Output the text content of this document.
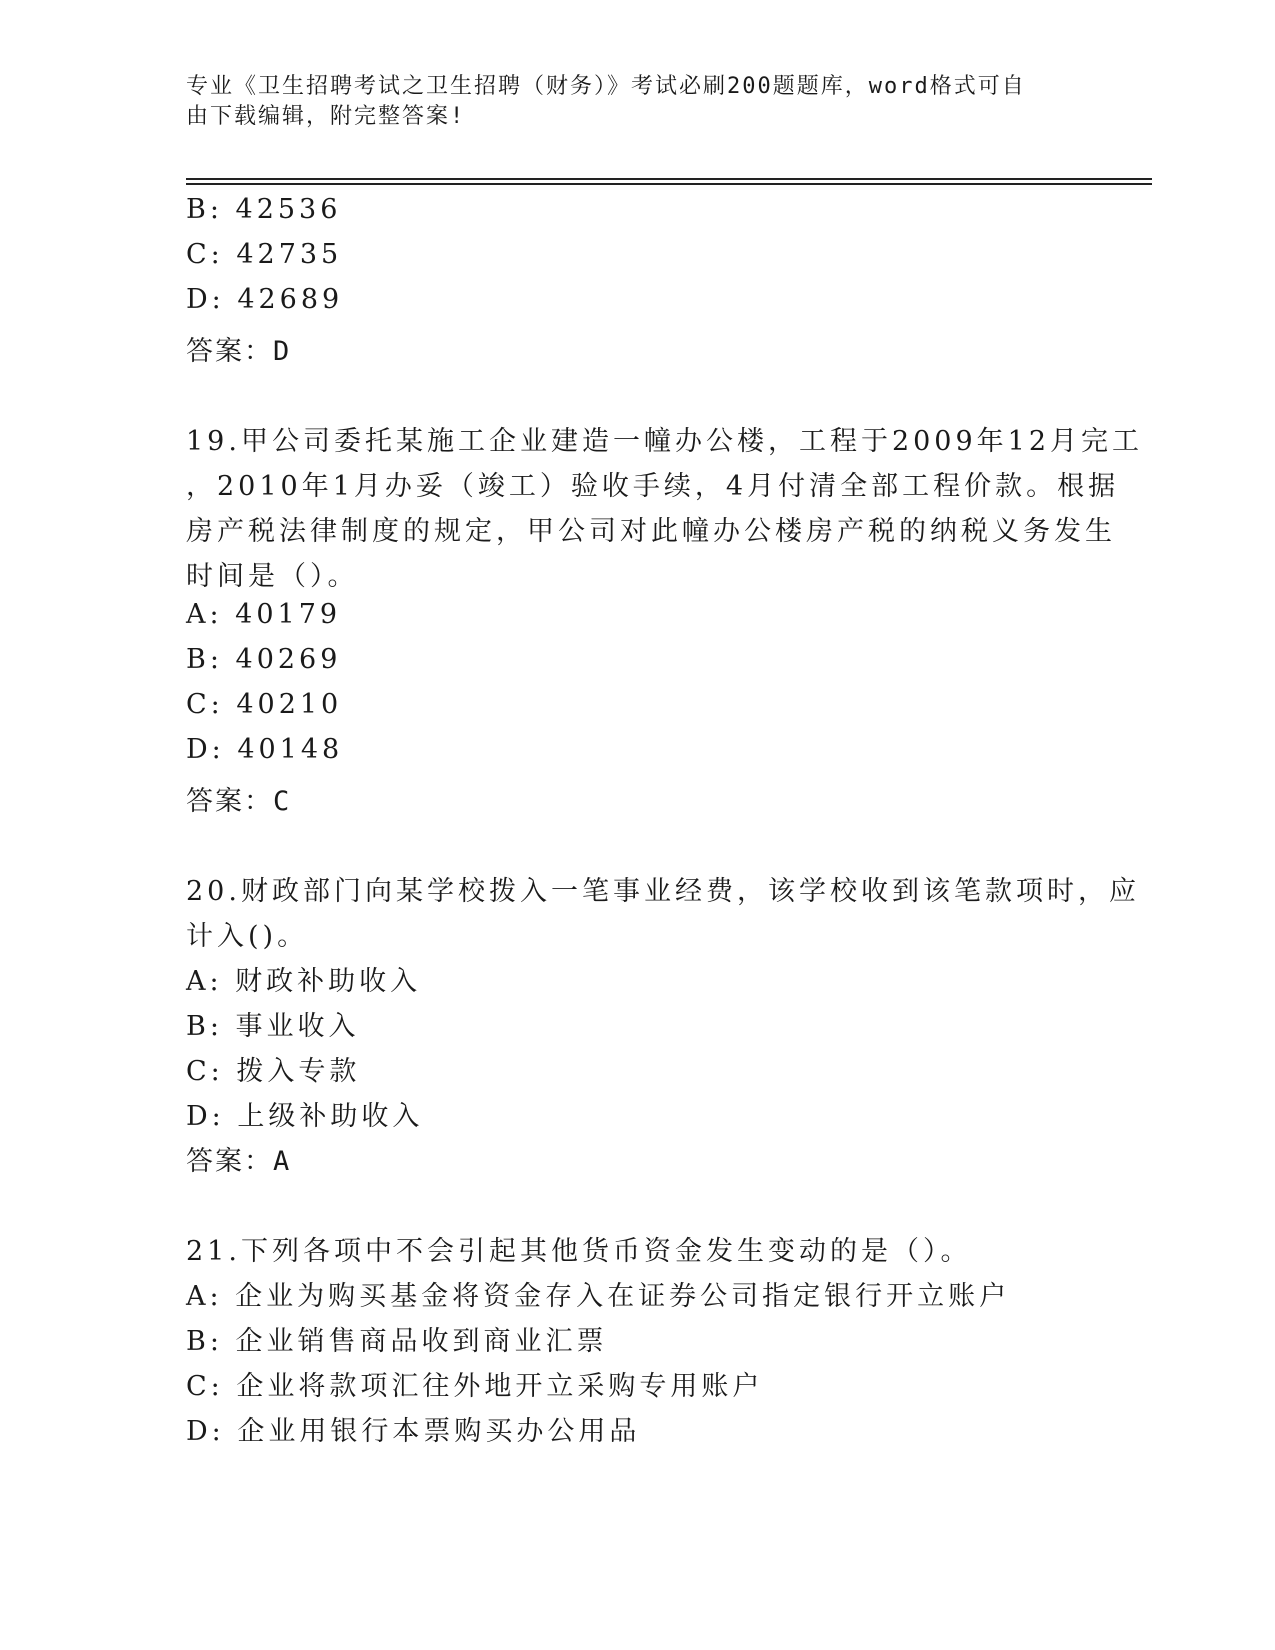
专业《卫生招聘考试之卫生招聘（财务）》考试必刷200题题库，word格式可自
由下载编辑，附完整答案!
B: 42536
C: 42735
D: 42689
答案：D
19.甲公司委托某施工企业建造一幢办公楼，工程于2009年12月完工
，2010年1月办妥（竣工）验收手续，4月付清全部工程价款。根据
房产税法律制度的规定，甲公司对此幢办公楼房产税的纳税义务发生
时间是（）。
A: 40179
B: 40269
C: 40210
D: 40148
答案：C
20.财政部门向某学校拨入一笔事业经费，该学校收到该笔款项时，应
计入()。
A: 财政补助收入
B: 事业收入
C: 拨入专款
D: 上级补助收入
答案：A
21.下列各项中不会引起其他货币资金发生变动的是（）。
A: 企业为购买基金将资金存入在证券公司指定银行开立账户
B: 企业销售商品收到商业汇票
C: 企业将款项汇往外地开立采购专用账户
D: 企业用银行本票购买办公用品
